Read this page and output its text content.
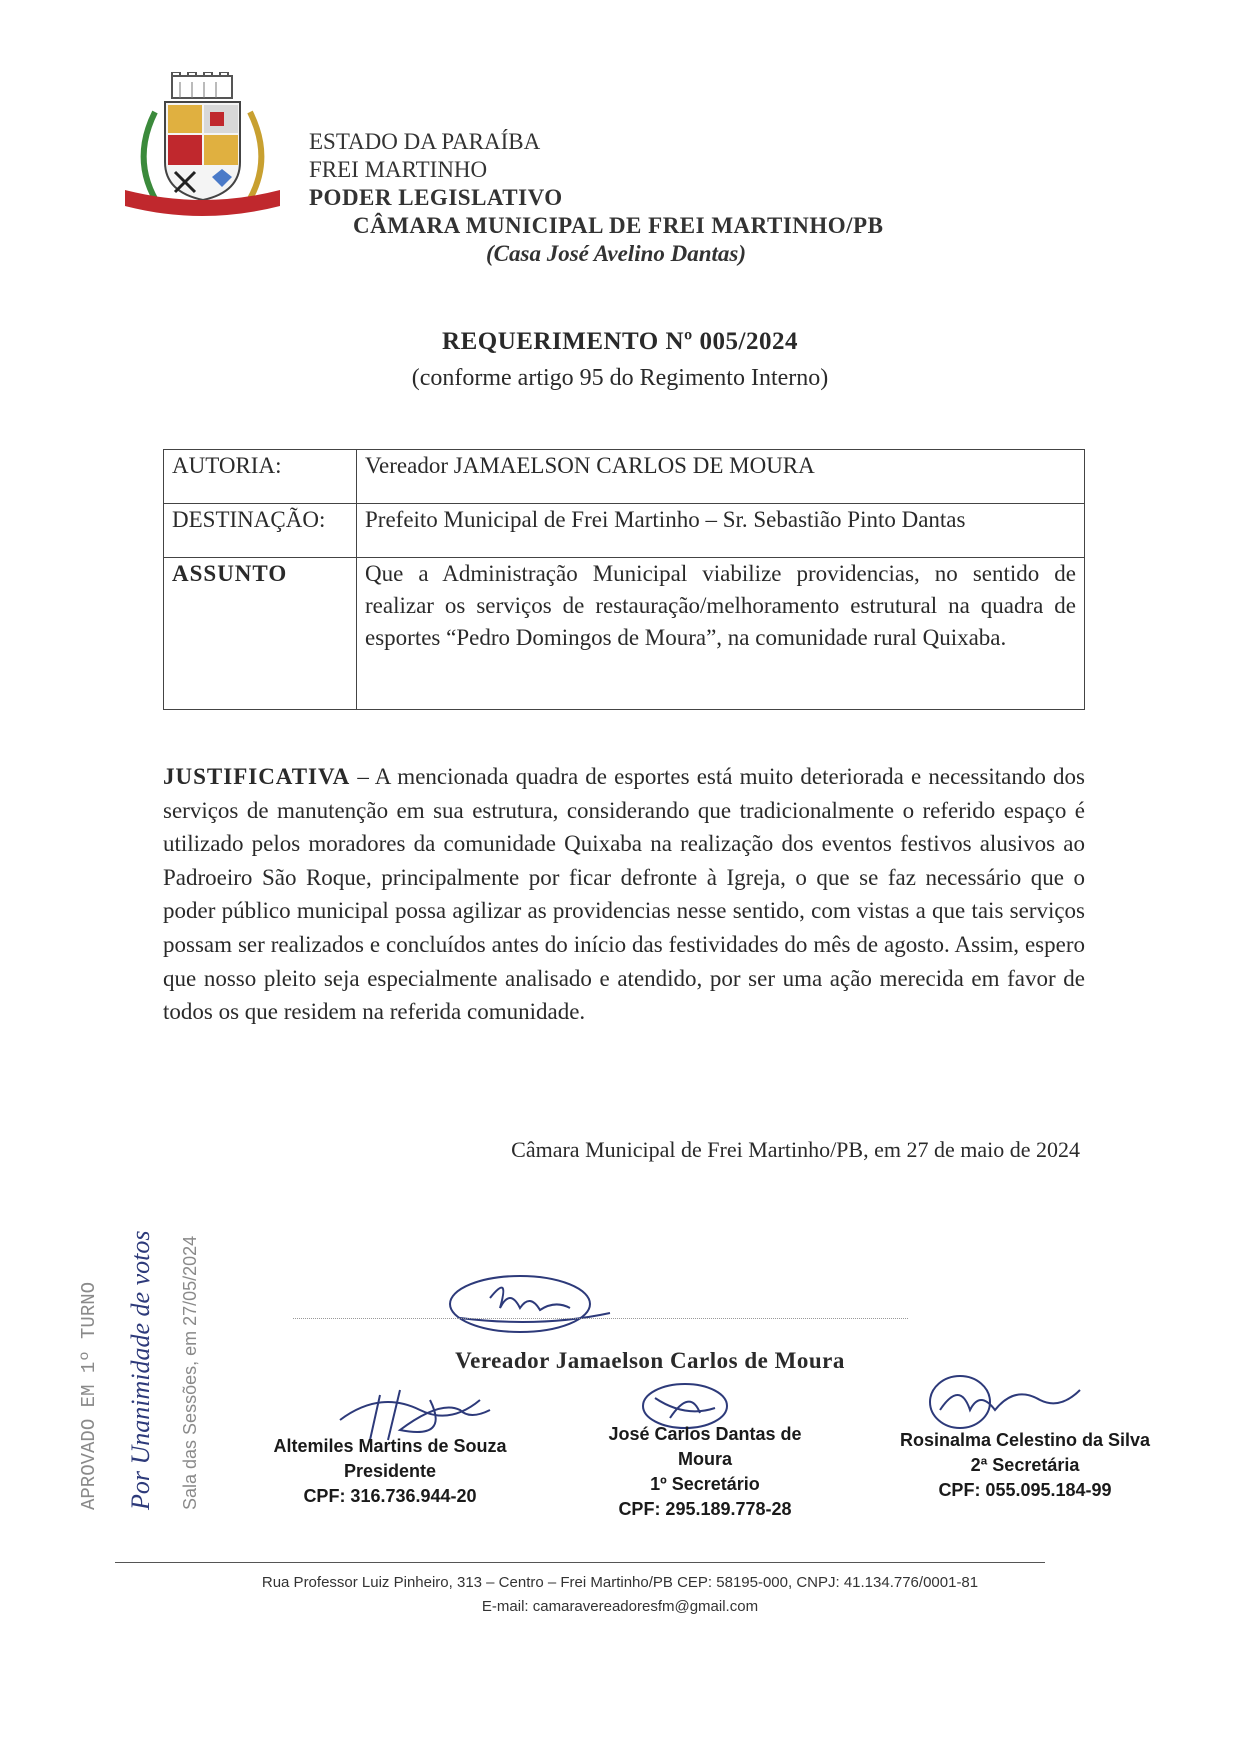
ESTADO DA PARAÍBA
FREI MARTINHO
PODER LEGISLATIVO
CÂMARA MUNICIPAL DE FREI MARTINHO/PB
(Casa José Avelino Dantas)
REQUERIMENTO Nº 005/2024
(conforme artigo 95 do Regimento Interno)
AUTORIA:	Vereador JAMAELSON CARLOS DE MOURA
DESTINAÇÃO:	Prefeito Municipal de Frei Martinho – Sr. Sebastião Pinto Dantas
ASSUNTO	Que a Administração Municipal viabilize providencias, no sentido de realizar os serviços de restauração/melhoramento estrutural na quadra de esportes “Pedro Domingos de Moura”, na comunidade rural Quixaba.
JUSTIFICATIVA – A mencionada quadra de esportes está muito deteriorada e necessitando dos serviços de manutenção em sua estrutura, considerando que tradicionalmente o referido espaço é utilizado pelos moradores da comunidade Quixaba na realização dos eventos festivos alusivos ao Padroeiro São Roque, principalmente por ficar defronte à Igreja, o que se faz necessário que o poder público municipal possa agilizar as providencias nesse sentido, com vistas a que tais serviços possam ser realizados e concluídos antes do início das festividades do mês de agosto. Assim, espero que nosso pleito seja especialmente analisado e atendido, por ser uma ação merecida em favor de todos os que residem na referida comunidade.
Câmara Municipal de Frei Martinho/PB, em 27 de maio de 2024
Vereador Jamaelson Carlos de Moura
Altemiles Martins de Souza
Presidente
CPF: 316.736.944-20
José Carlos Dantas de Moura
1º Secretário
CPF: 295.189.778-28
Rosinalma Celestino da Silva
2ª Secretária
CPF: 055.095.184-99
APROVADO EM 1º TURNO Por Unanimidade de votos Sala das Sessões, em 27/05/2024
Rua Professor Luiz Pinheiro, 313 – Centro – Frei Martinho/PB CEP: 58195-000, CNPJ: 41.134.776/0001-81
E-mail: camaravereadoresfm@gmail.com
